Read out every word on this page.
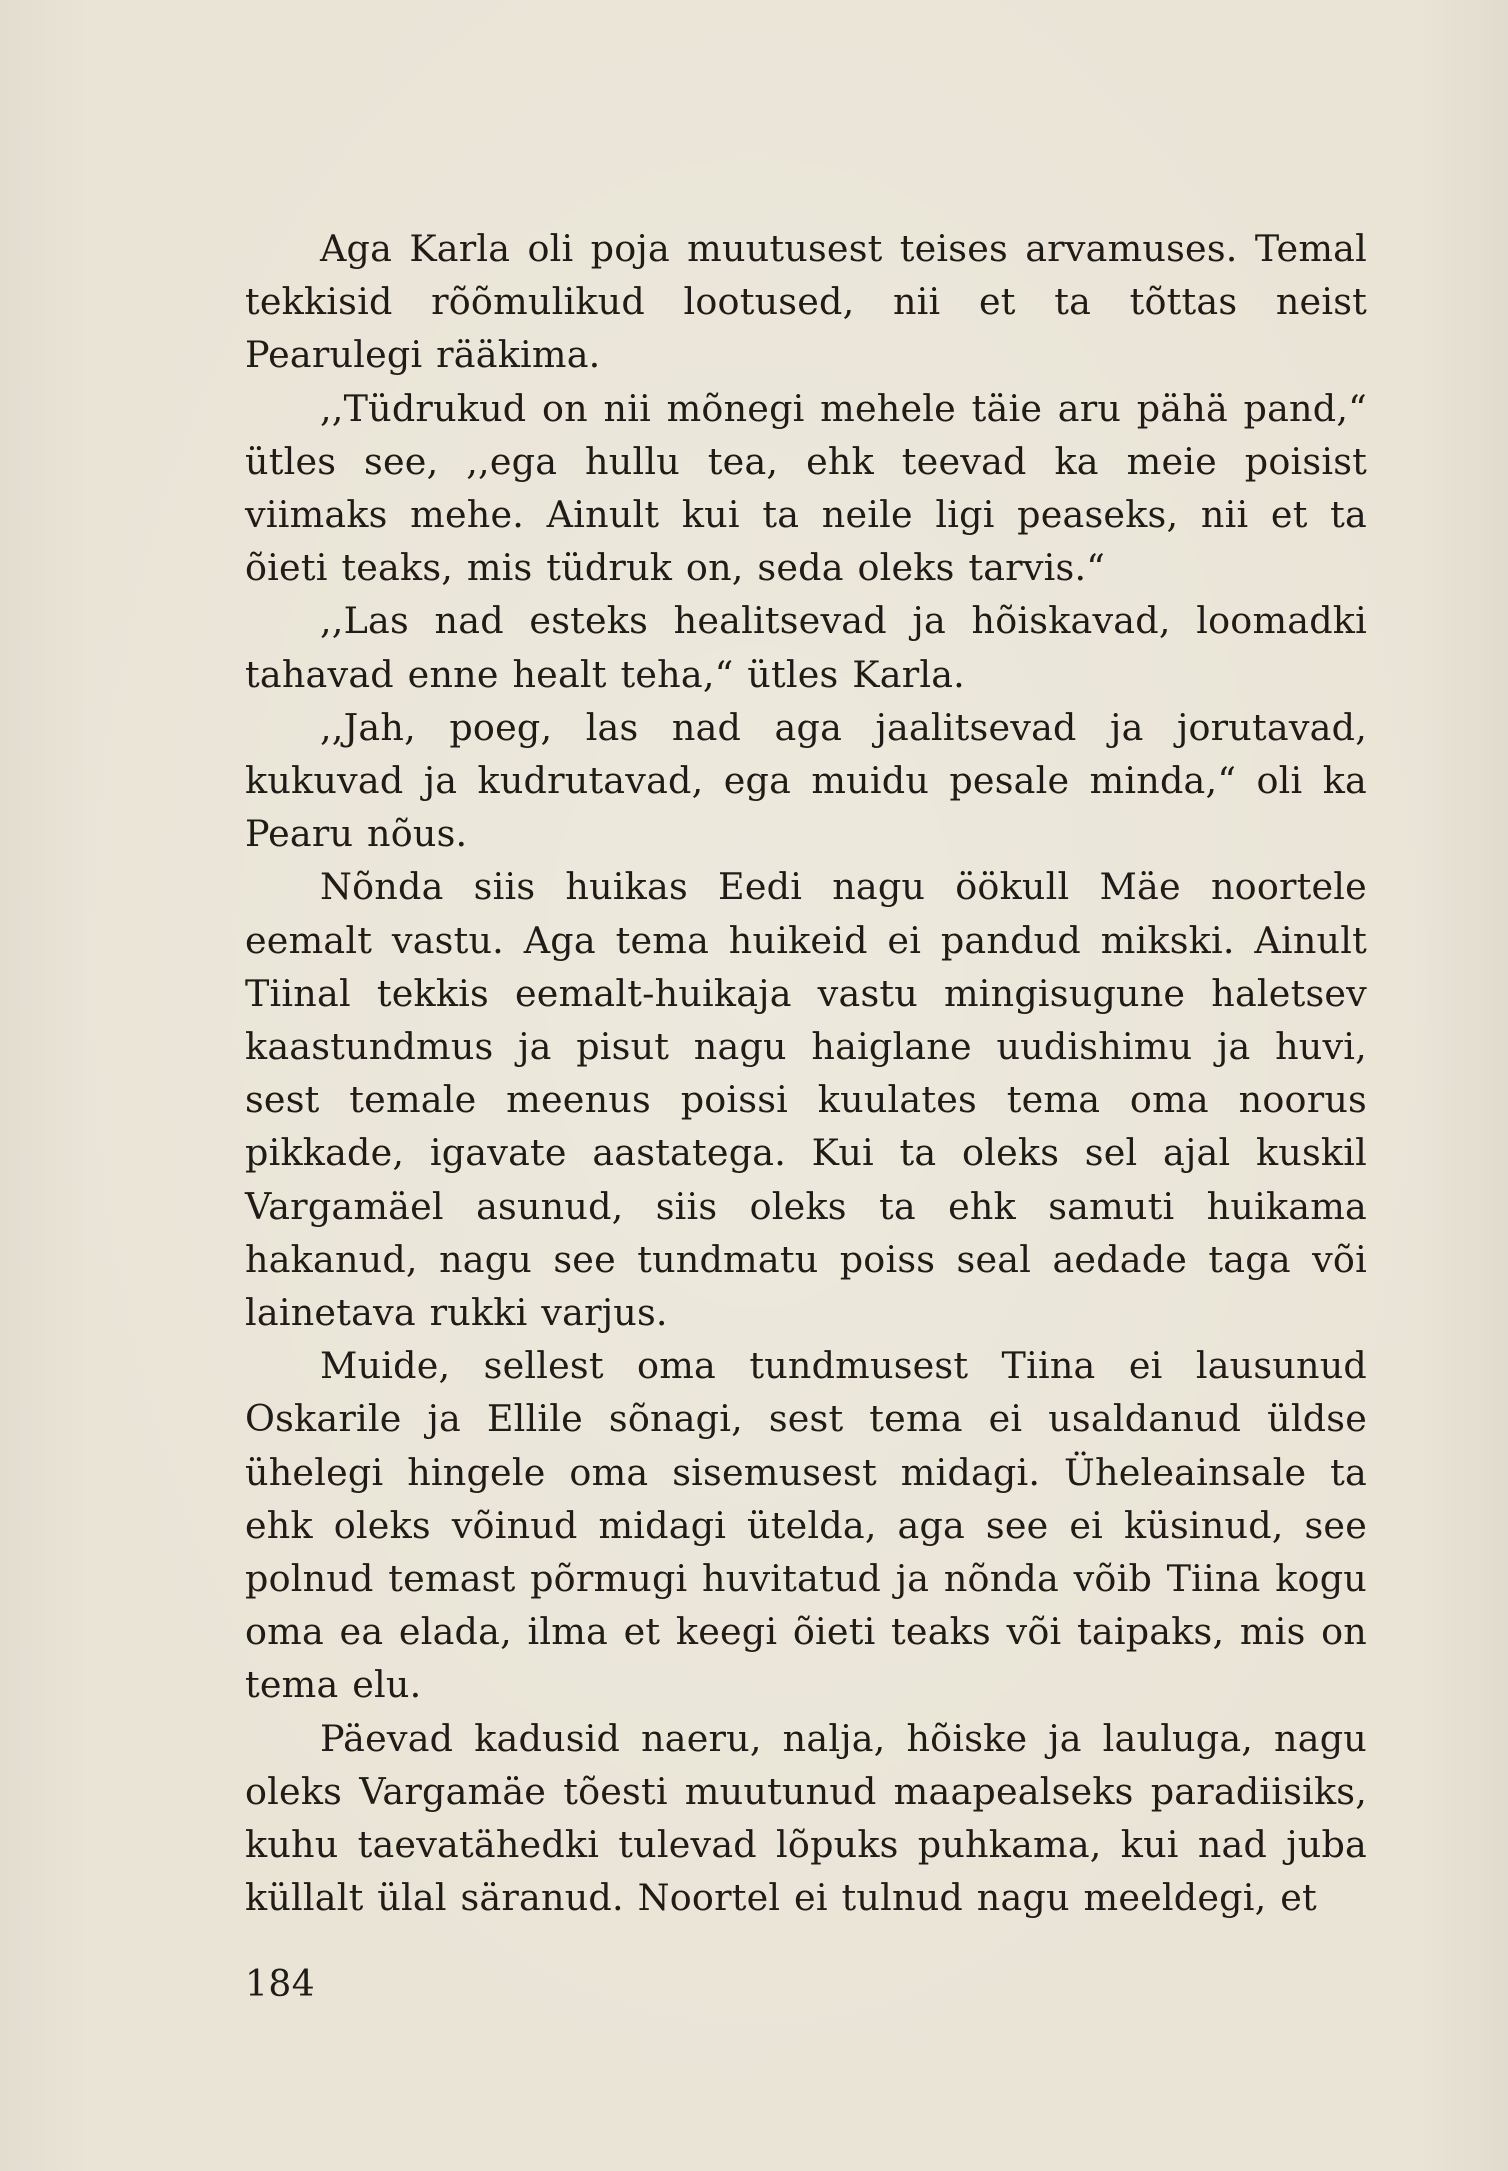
Aga Karla oli poja muutusest teises arvamuses. Temal tekkisid rõõmulikud lootused, nii et ta tõttas neist Pearulegi rääkima.

,,Tüdrukud on nii mõnegi mehele täie aru pähä pand,“ ütles see, ,,ega hullu tea, ehk teevad ka meie poisist viimaks mehe. Ainult kui ta neile ligi peaseks, nii et ta õieti teaks, mis tüdruk on, seda oleks tarvis.“

,,Las nad esteks healitsevad ja hõiskavad, loomadki tahavad enne healt teha,“ ütles Karla.

,,Jah, poeg, las nad aga jaalitsevad ja jorutavad, kukuvad ja kudrutavad, ega muidu pesale minda,“ oli ka Pearu nõus.

Nõnda siis huikas Eedi nagu öökull Mäe noortele eemalt vastu. Aga tema huikeid ei pandud mikski. Ainult Tiinal tekkis eemalt-huikaja vastu mingisugune haletsev kaastundmus ja pisut nagu haiglane uudishimu ja huvi, sest temale meenus poissi kuulates tema oma noorus pikkade, igavate aastatega. Kui ta oleks sel ajal kuskil Vargamäel asunud, siis oleks ta ehk samuti huikama hakanud, nagu see tundmatu poiss seal aedade taga või lainetava rukki varjus.

Muide, sellest oma tundmusest Tiina ei lausunud Oskarile ja Ellile sõnagi, sest tema ei usaldanud üldse ühelegi hingele oma sisemusest midagi. Üheleainsale ta ehk oleks võinud midagi ütelda, aga see ei küsinud, see polnud temast põrmugi huvitatud ja nõnda võib Tiina kogu oma ea elada, ilma et keegi õieti teaks või taipaks, mis on tema elu.

Päevad kadusid naeru, nalja, hõiske ja lauluga, nagu oleks Vargamäe tõesti muutunud maapealseks paradiisiks, kuhu taevatähedki tulevad lõpuks puhkama, kui nad juba küllalt ülal säranud. Noortel ei tulnud nagu meeldegi, et

184
